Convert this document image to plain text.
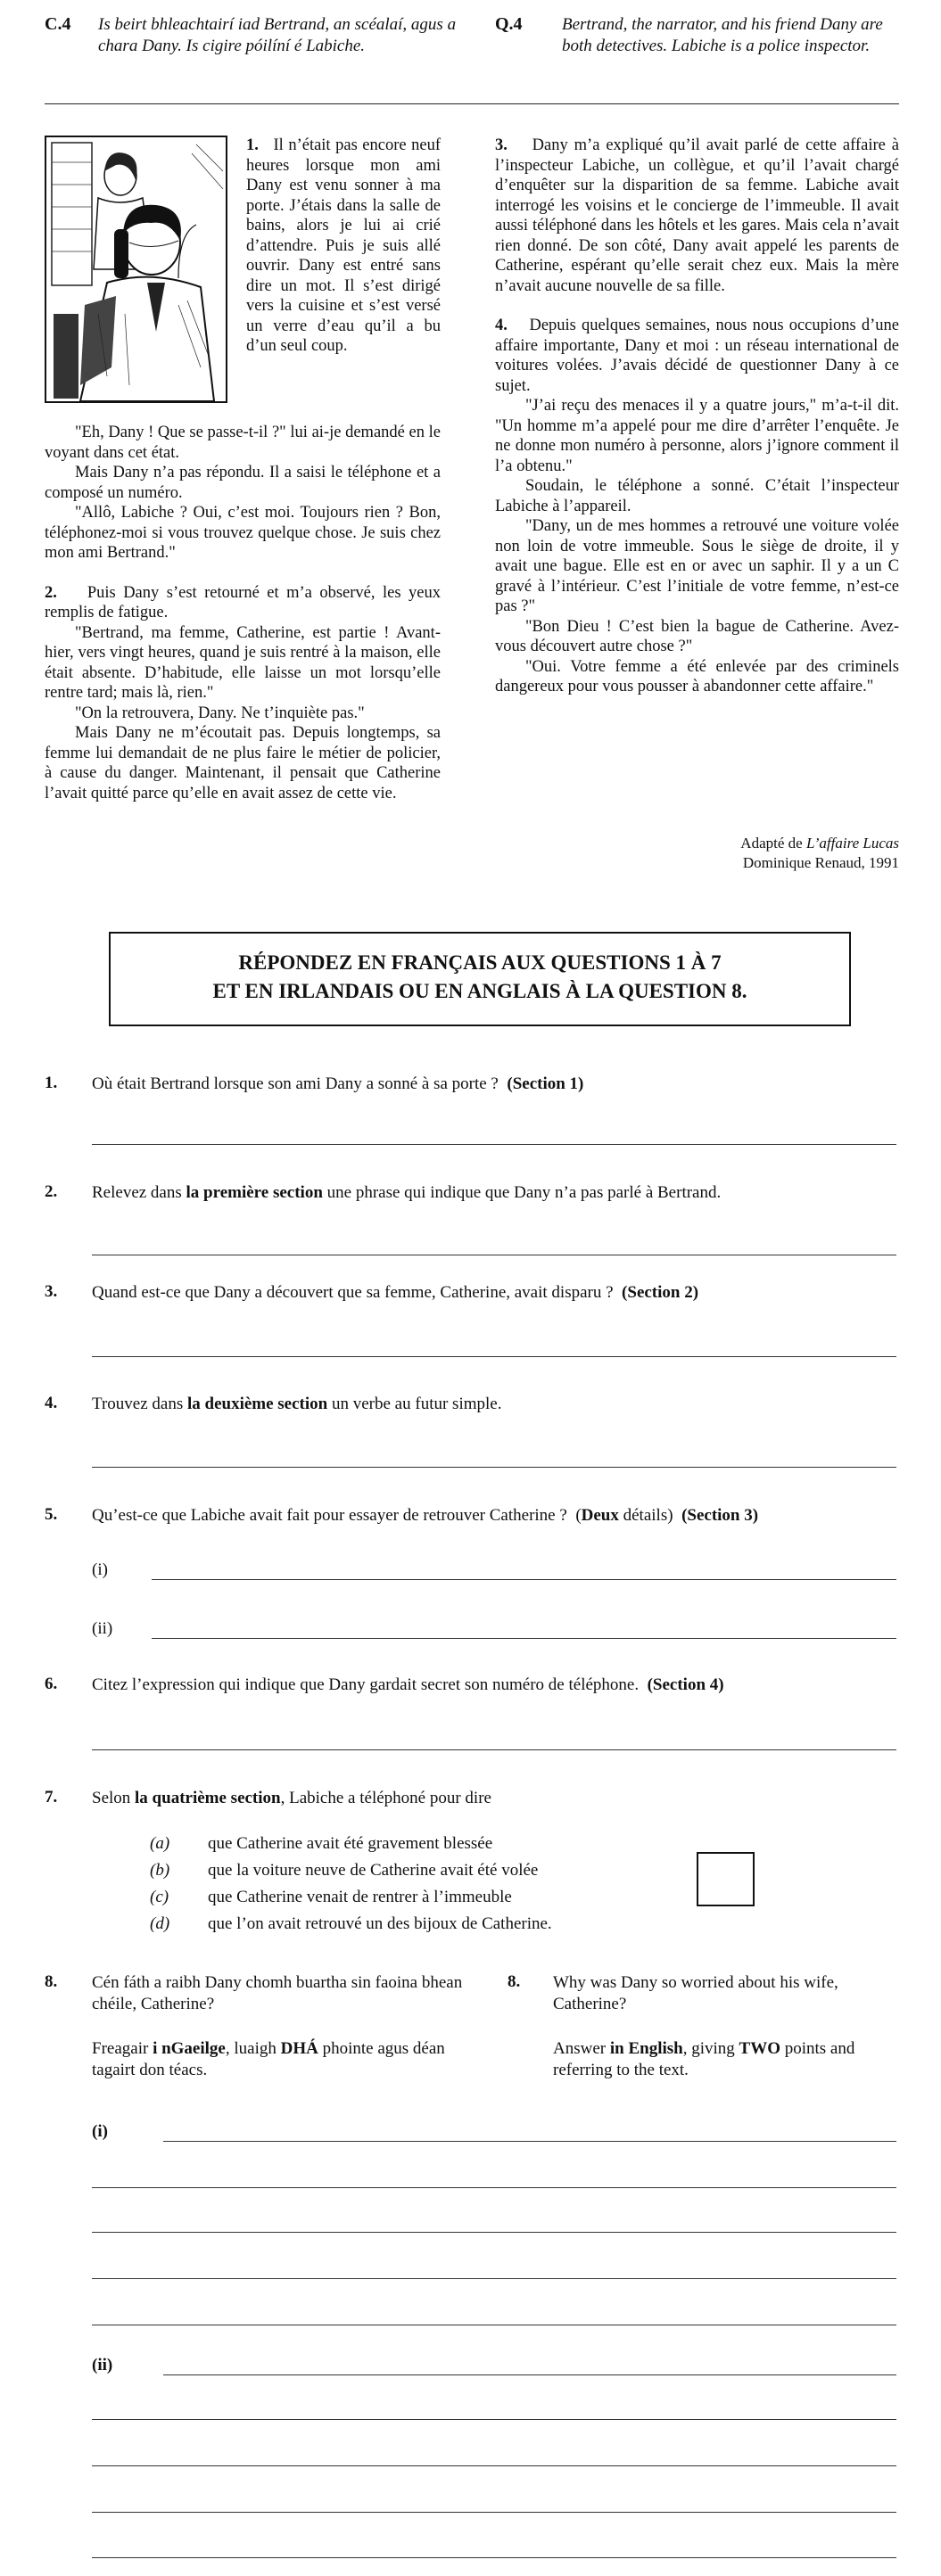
C.4 Is beirt bhleachtairí iad Bertrand, an scéalaí, agus a chara Dany. Is cigire póilíní é Labiche.
Q.4 Bertrand, the narrator, and his friend Dany are both detectives. Labiche is a police inspector.
1. Il n’était pas encore neuf heures lorsque mon ami Dany est venu sonner à ma porte. J’étais dans la salle de bains, alors je lui ai crié d’attendre. Puis je suis allé ouvrir. Dany est entré sans dire un mot. Il s’est dirigé vers la cuisine et s’est versé un verre d’eau qu’il a bu d’un seul coup.

"Eh, Dany ! Que se passe-t-il ?" lui ai-je demandé en le voyant dans cet état.

Mais Dany n’a pas répondu. Il a saisi le téléphone et a composé un numéro.

"Allô, Labiche ? Oui, c’est moi. Toujours rien ? Bon, téléphonez-moi si vous trouvez quelque chose. Je suis chez mon ami Bertrand."

2. Puis Dany s’est retourné et m’a observé, les yeux remplis de fatigue.

"Bertrand, ma femme, Catherine, est partie ! Avant-hier, vers vingt heures, quand je suis rentré à la maison, elle était absente. D’habitude, elle laisse un mot lorsqu’elle rentre tard; mais là, rien."

"On la retrouvera, Dany. Ne t’inquiète pas."

Mais Dany ne m’écoutait pas. Depuis longtemps, sa femme lui demandait de ne plus faire le métier de policier, à cause du danger. Maintenant, il pensait que Catherine l’avait quitté parce qu’elle en avait assez de cette vie.

3. Dany m’a expliqué qu’il avait parlé de cette affaire à l’inspecteur Labiche, un collègue, et qu’il l’avait chargé d’enquêter sur la disparition de sa femme. Labiche avait interrogé les voisins et le concierge de l’immeuble. Il avait aussi téléphoné dans les hôtels et les gares. Mais cela n’avait rien donné. De son côté, Dany avait appelé les parents de Catherine, espérant qu’elle serait chez eux. Mais la mère n’avait aucune nouvelle de sa fille.

4. Depuis quelques semaines, nous nous occupions d’une affaire importante, Dany et moi : un réseau international de voitures volées. J’avais décidé de questionner Dany à ce sujet.

"J’ai reçu des menaces il y a quatre jours," m’a-t-il dit. "Un homme m’a appelé pour me dire d’arrêter l’enquête. Je ne donne mon numéro à personne, alors j’ignore comment il l’a obtenu."

Soudain, le téléphone a sonné. C’était l’inspecteur Labiche à l’appareil.

"Dany, un de mes hommes a retrouvé une voiture volée non loin de votre immeuble. Sous le siège de droite, il y avait une bague. Elle est en or avec un saphir. Il y a un C gravé à l’intérieur. C’est l’initiale de votre femme, n’est-ce pas ?"

"Bon Dieu ! C’est bien la bague de Catherine. Avez-vous découvert autre chose ?"

"Oui. Votre femme a été enlevée par des criminels dangereux pour vous pousser à abandonner cette affaire."

Adapté de L’affaire Lucas
Dominique Renaud, 1991
RÉPONDEZ EN FRANÇAIS AUX QUESTIONS 1 À 7
ET EN IRLANDAIS OU EN ANGLAIS À LA QUESTION 8.
1. Où était Bertrand lorsque son ami Dany a sonné à sa porte ? (Section 1)
2. Relevez dans la première section une phrase qui indique que Dany n’a pas parlé à Bertrand.
3. Quand est-ce que Dany a découvert que sa femme, Catherine, avait disparu ? (Section 2)
4. Trouvez dans la deuxième section un verbe au futur simple.
5. Qu’est-ce que Labiche avait fait pour essayer de retrouver Catherine ? (Deux détails) (Section 3)
(i)
(ii)
6. Citez l’expression qui indique que Dany gardait secret son numéro de téléphone. (Section 4)
7. Selon la quatrième section, Labiche a téléphoné pour dire
(a) que Catherine avait été gravement blessée
(b) que la voiture neuve de Catherine avait été volée
(c) que Catherine venait de rentrer à l’immeuble
(d) que l’on avait retrouvé un des bijoux de Catherine.
8. Cén fáth a raibh Dany chomh buartha sin faoina bhean chéile, Catherine?
Freagair i nGaeilge, luaigh DHÁ phointe agus déan tagairt don téacs.
8. Why was Dany so worried about his wife, Catherine?
Answer in English, giving TWO points and referring to the text.
(i)
(ii)
